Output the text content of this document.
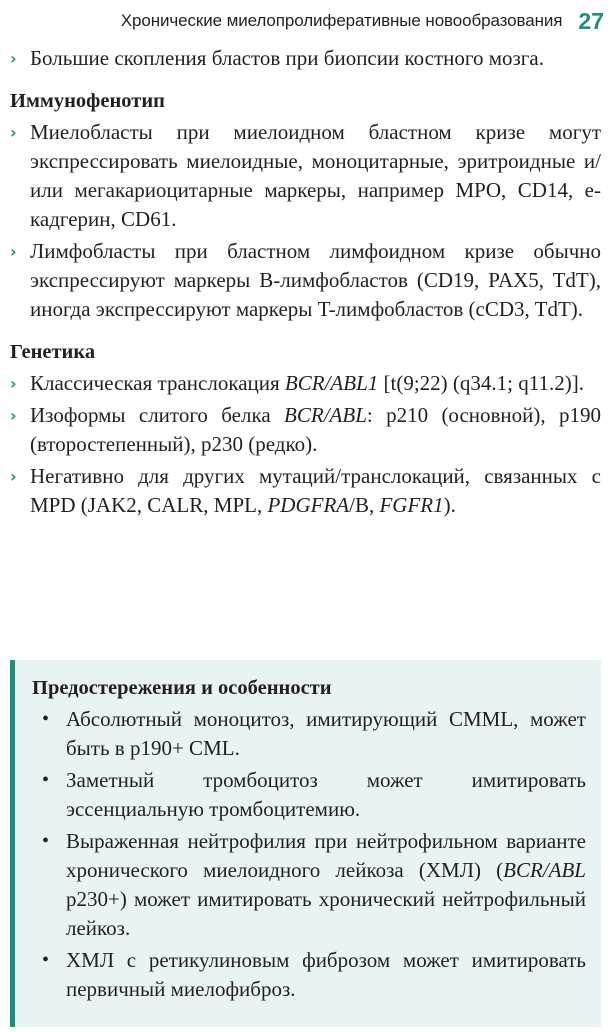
Хронические миелопролиферативные новообразования 27
› Большие скопления бластов при биопсии костного мозга.
Иммунофенотип
› Миелобласты при миелоидном бластном кризе могут экспрессировать миелоидные, моноцитарные, эритроидные и/или мегакариоцитарные маркеры, например MPO, CD14, е-кадгерин, CD61.
› Лимфобласты при бластном лимфоидном кризе обычно экспрессируют маркеры B-лимфобластов (CD19, PAX5, TdT), иногда экспрессируют маркеры T-лимфобластов (cCD3, TdT).
Генетика
› Классическая транслокация BCR/ABL1 [t(9;22) (q34.1; q11.2)].
› Изоформы слитого белка BCR/ABL: p210 (основной), p190 (второстепенный), p230 (редко).
› Негативно для других мутаций/транслокаций, связанных с MPD (JAK2, CALR, MPL, PDGFRA/B, FGFR1).
Предостережения и особенности
• Абсолютный моноцитоз, имитирующий CMML, может быть в p190+ CML.
• Заметный тромбоцитоз может имитировать эссенциальную тромбоцитемию.
• Выраженная нейтрофилия при нейтрофильном варианте хронического миелоидного лейкоза (ХМЛ) (BCR/ABL p230+) может имитировать хронический нейтрофильный лейкоз.
• ХМЛ с ретикулиновым фиброзом может имитировать первичный миелофиброз.
